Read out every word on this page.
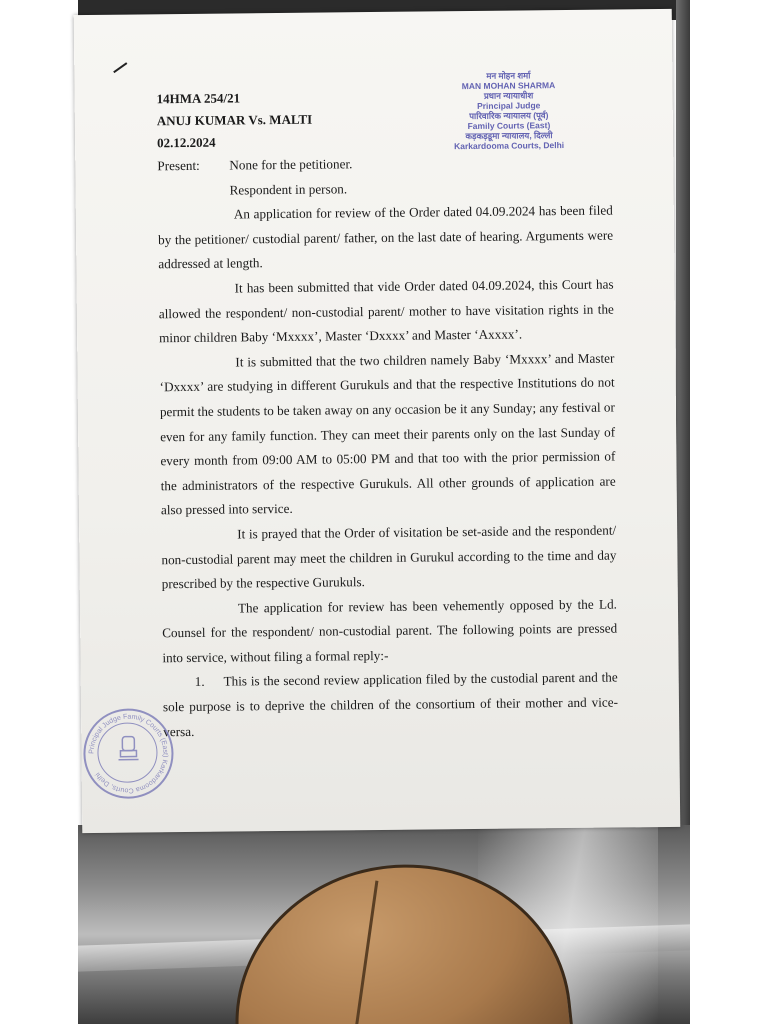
मन मोहन शर्मा
MAN MOHAN SHARMA
प्रधान न्यायाधीश
Principal Judge
पारिवारिक न्यायालय (पूर्व)
Family Courts (East)
कड़कड़डूमा न्यायालय, दिल्ली
Karkardooma Courts, Delhi
14HMA 254/21
ANUJ KUMAR Vs. MALTI
02.12.2024
Present:	None for the petitioner.
Respondent in person.

An application for review of the Order dated 04.09.2024 has been filed by the petitioner/ custodial parent/ father, on the last date of hearing. Arguments were addressed at length.

It has been submitted that vide Order dated 04.09.2024, this Court has allowed the respondent/ non-custodial parent/ mother to have visitation rights in the minor children Baby ‘Mxxxx’, Master ‘Dxxxx’ and Master ‘Axxxx’.

It is submitted that the two children namely Baby ‘Mxxxx’ and Master ‘Dxxxx’ are studying in different Gurukuls and that the respective Institutions do not permit the students to be taken away on any occasion be it any Sunday; any festival or even for any family function. They can meet their parents only on the last Sunday of every month from 09:00 AM to 05:00 PM and that too with the prior permission of the administrators of the respective Gurukuls. All other grounds of application are also pressed into service.

It is prayed that the Order of visitation be set-aside and the respondent/ non-custodial parent may meet the children in Gurukul according to the time and day prescribed by the respective Gurukuls.

The application for review has been vehemently opposed by the Ld. Counsel for the respondent/ non-custodial parent. The following points are pressed into service, without filing a formal reply:-

1. This is the second review application filed by the custodial parent and the sole purpose is to deprive the children of the consortium of their mother and vice-versa.

Principal Judge Family Courts (East) Karkardooma Courts, Delhi
